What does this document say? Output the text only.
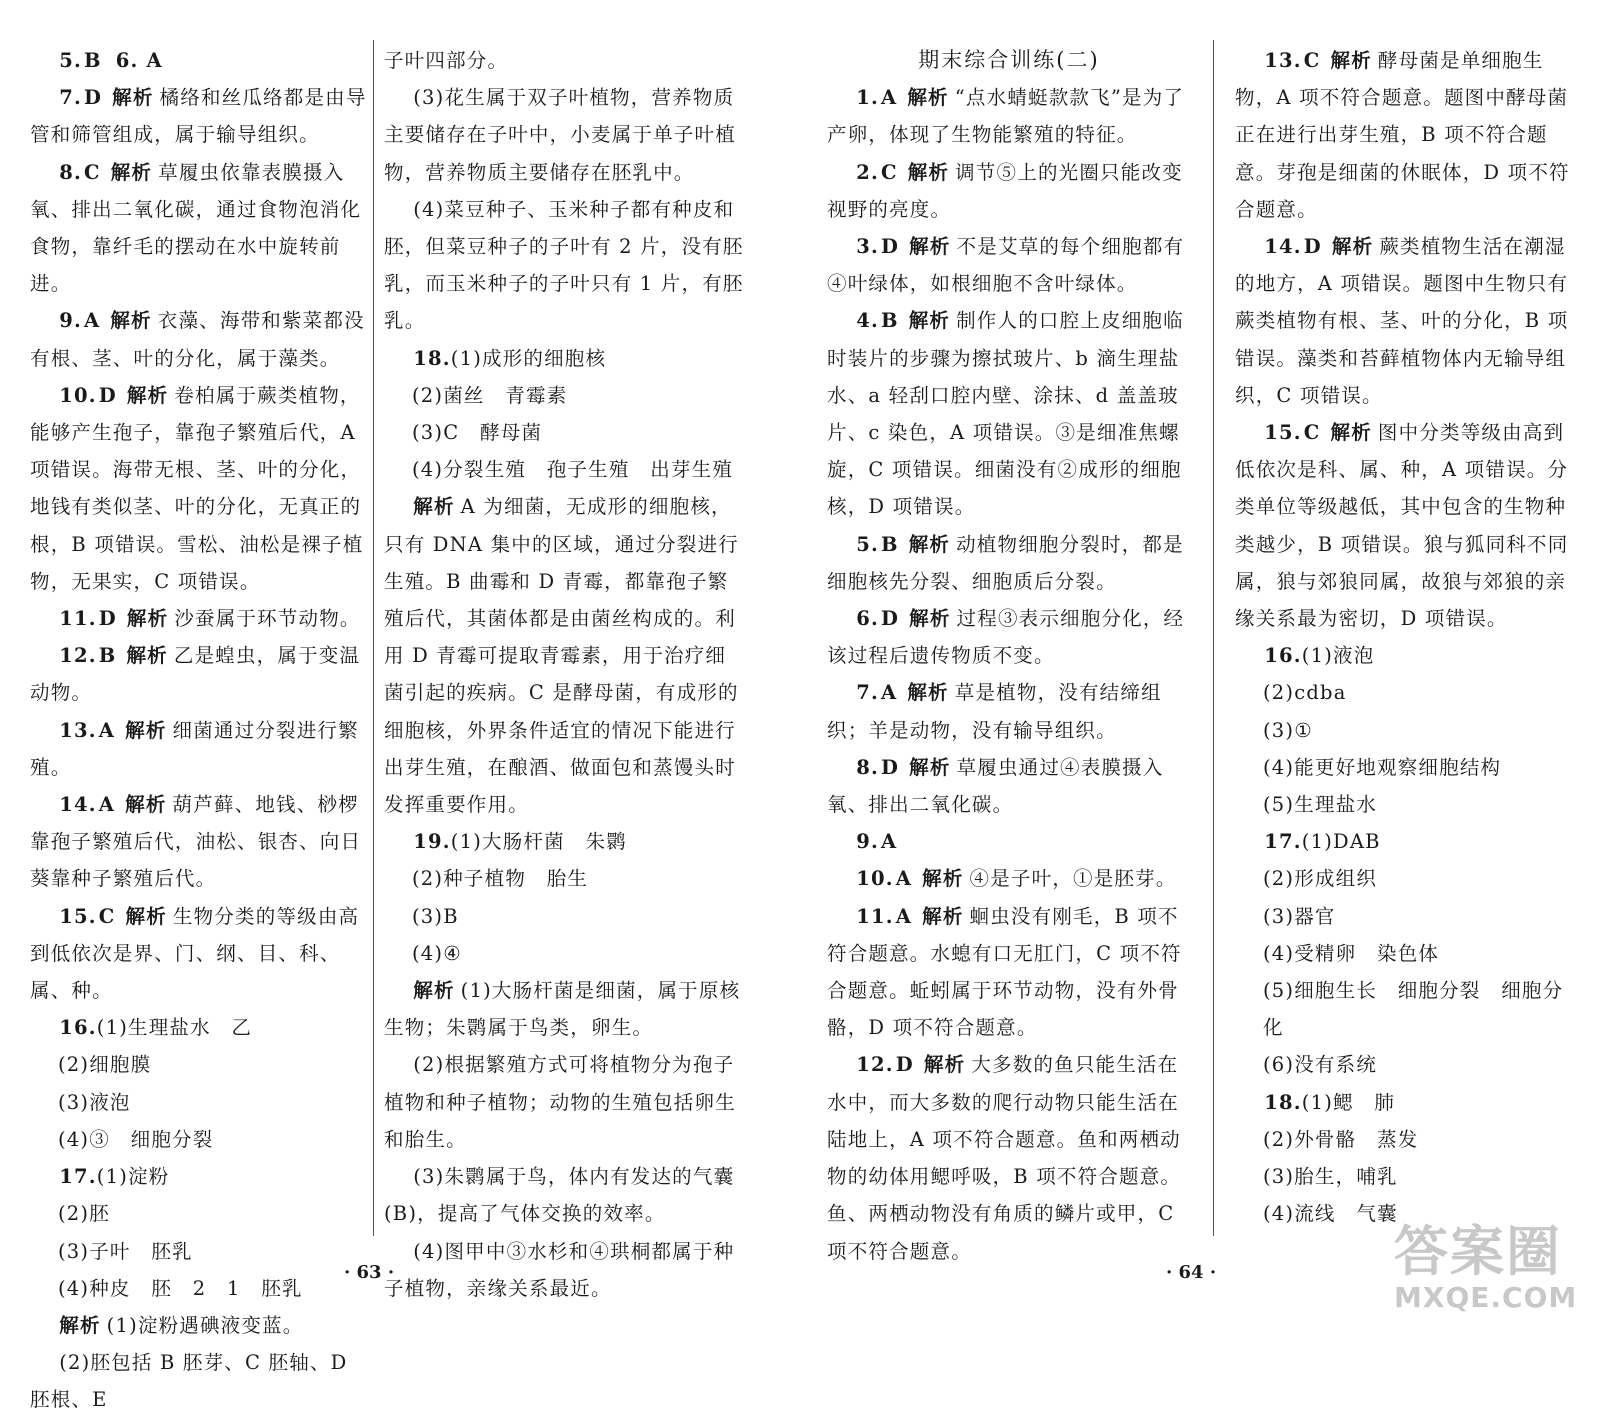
5. B 6. A

7. D 解析 橘络和丝瓜络都是由导管和筛管组成，属于输导组织。

8. C 解析 草履虫依靠表膜摄入氧、排出二氧化碳，通过食物泡消化食物，靠纤毛的摆动在水中旋转前进。

9. A 解析 衣藻、海带和紫菜都没有根、茎、叶的分化，属于藻类。

10. D 解析 卷柏属于蕨类植物，能够产生孢子，靠孢子繁殖后代，A 项错误。海带无根、茎、叶的分化，地钱有类似茎、叶的分化，无真正的根，B 项错误。雪松、油松是裸子植物，无果实，C 项错误。

11. D 解析 沙蚕属于环节动物。

12. B 解析 乙是蝗虫，属于变温动物。

13. A 解析 细菌通过分裂进行繁殖。

14. A 解析 葫芦藓、地钱、桫椤靠孢子繁殖后代，油松、银杏、向日葵靠种子繁殖后代。

15. C 解析 生物分类的等级由高到低依次是界、门、纲、目、科、属、种。

16.(1)生理盐水　乙

(2)细胞膜

(3)液泡

(4)③　细胞分裂

17.(1)淀粉

(2)胚

(3)子叶　胚乳

(4)种皮　胚　2　1　胚乳

解析 (1)淀粉遇碘液变蓝。

(2)胚包括 B 胚芽、C 胚轴、D 胚根、E

子叶四部分。

(3)花生属于双子叶植物，营养物质主要储存在子叶中，小麦属于单子叶植物，营养物质主要储存在胚乳中。

(4)菜豆种子、玉米种子都有种皮和胚，但菜豆种子的子叶有 2 片，没有胚乳，而玉米种子的子叶只有 1 片，有胚乳。

18.(1)成形的细胞核

(2)菌丝　青霉素

(3)C　酵母菌

(4)分裂生殖　孢子生殖　出芽生殖

解析 A 为细菌，无成形的细胞核，只有 DNA 集中的区域，通过分裂进行生殖。B 曲霉和 D 青霉，都靠孢子繁殖后代，其菌体都是由菌丝构成的。利用 D 青霉可提取青霉素，用于治疗细菌引起的疾病。C 是酵母菌，有成形的细胞核，外界条件适宜的情况下能进行出芽生殖，在酿酒、做面包和蒸馒头时发挥重要作用。

19.(1)大肠杆菌　朱鹮

(2)种子植物　胎生

(3)B

(4)④

解析 (1)大肠杆菌是细菌，属于原核生物；朱鹮属于鸟类，卵生。

(2)根据繁殖方式可将植物分为孢子植物和种子植物；动物的生殖包括卵生和胎生。

(3)朱鹮属于鸟，体内有发达的气囊(B)，提高了气体交换的效率。

(4)图甲中③水杉和④珙桐都属于种子植物，亲缘关系最近。

期末综合训练(二)

1. A 解析 “点水蜻蜓款款飞”是为了产卵，体现了生物能繁殖的特征。

2. C 解析 调节⑤上的光圈只能改变视野的亮度。

3. D 解析 不是艾草的每个细胞都有④叶绿体，如根细胞不含叶绿体。

4. B 解析 制作人的口腔上皮细胞临时装片的步骤为擦拭玻片、b 滴生理盐水、a 轻刮口腔内壁、涂抹、d 盖盖玻片、c 染色，A 项错误。③是细准焦螺旋，C 项错误。细菌没有②成形的细胞核，D 项错误。

5. B 解析 动植物细胞分裂时，都是细胞核先分裂、细胞质后分裂。

6. D 解析 过程③表示细胞分化，经该过程后遗传物质不变。

7. A 解析 草是植物，没有结缔组织；羊是动物，没有输导组织。

8. D 解析 草履虫通过④表膜摄入氧、排出二氧化碳。

9. A

10. A 解析 ④是子叶，①是胚芽。

11. A 解析 蛔虫没有刚毛，B 项不符合题意。水螅有口无肛门，C 项不符合题意。蚯蚓属于环节动物，没有外骨骼，D 项不符合题意。

12. D 解析 大多数的鱼只能生活在水中，而大多数的爬行动物只能生活在陆地上，A 项不符合题意。鱼和两栖动物的幼体用鳃呼吸，B 项不符合题意。鱼、两栖动物没有角质的鳞片或甲，C 项不符合题意。

13. C 解析 酵母菌是单细胞生物，A 项不符合题意。题图中酵母菌正在进行出芽生殖，B 项不符合题意。芽孢是细菌的休眠体，D 项不符合题意。

14. D 解析 蕨类植物生活在潮湿的地方，A 项错误。题图中生物只有蕨类植物有根、茎、叶的分化，B 项错误。藻类和苔藓植物体内无输导组织，C 项错误。

15. C 解析 图中分类等级由高到低依次是科、属、种，A 项错误。分类单位等级越低，其中包含的生物种类越少，B 项错误。狼与狐同科不同属，狼与郊狼同属，故狼与郊狼的亲缘关系最为密切，D 项错误。

16.(1)液泡

(2)cdba

(3)①

(4)能更好地观察细胞结构

(5)生理盐水

17.(1)DAB

(2)形成组织

(3)器官

(4)受精卵　染色体

(5)细胞生长　细胞分裂　细胞分化

(6)没有系统

18.(1)鳃　肺

(2)外骨骼　蒸发

(3)胎生，哺乳

(4)流线　气囊

· 63 ·	· 64 ·	答案圈
MXQE.COM
